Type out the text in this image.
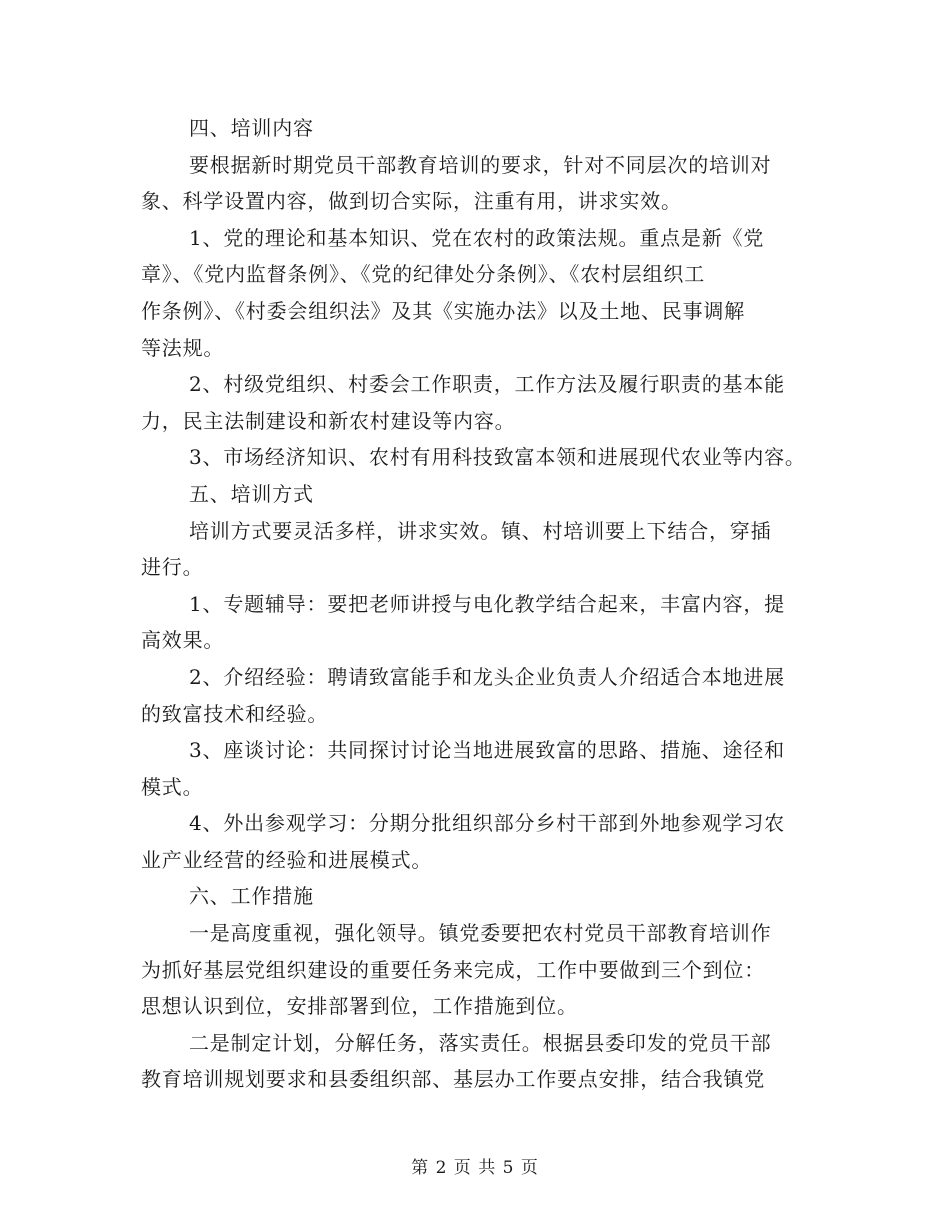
四、培训内容
要根据新时期党员干部教育培训的要求，针对不同层次的培训对
象、科学设置内容，做到切合实际，注重有用，讲求实效。
1、党的理论和基本知识、党在农村的政策法规。重点是新《党
章》、《党内监督条例》、《党的纪律处分条例》、《农村层组织工
作条例》、《村委会组织法》及其《实施办法》以及土地、民事调解
等法规。
2、村级党组织、村委会工作职责，工作方法及履行职责的基本能
力，民主法制建设和新农村建设等内容。
3、市场经济知识、农村有用科技致富本领和进展现代农业等内容。
五、培训方式
培训方式要灵活多样，讲求实效。镇、村培训要上下结合，穿插
进行。
1、专题辅导：要把老师讲授与电化教学结合起来，丰富内容，提
高效果。
2、介绍经验：聘请致富能手和龙头企业负责人介绍适合本地进展
的致富技术和经验。
3、座谈讨论：共同探讨讨论当地进展致富的思路、措施、途径和
模式。
4、外出参观学习：分期分批组织部分乡村干部到外地参观学习农
业产业经营的经验和进展模式。
六、工作措施
一是高度重视，强化领导。镇党委要把农村党员干部教育培训作
为抓好基层党组织建设的重要任务来完成，工作中要做到三个到位：
思想认识到位，安排部署到位，工作措施到位。
二是制定计划，分解任务，落实责任。根据县委印发的党员干部
教育培训规划要求和县委组织部、基层办工作要点安排，结合我镇党
第 2 页 共 5 页
